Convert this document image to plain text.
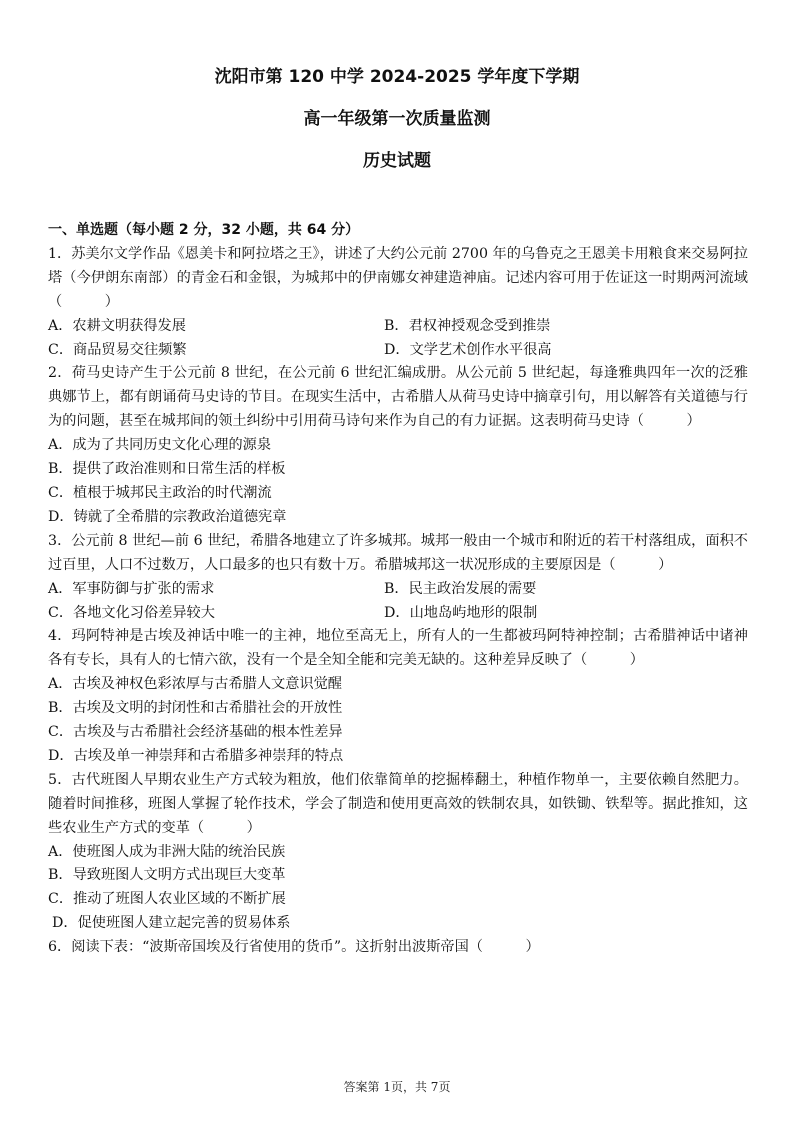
沈阳市第 120 中学 2024-2025 学年度下学期
高一年级第一次质量监测
历史试题
一、单选题（每小题 2 分，32 小题，共 64 分）
1．苏美尔文学作品《恩美卡和阿拉塔之王》，讲述了大约公元前 2700 年的乌鲁克之王恩美卡用粮食来交易阿拉塔（今伊朗东南部）的青金石和金银，为城邦中的伊南娜女神建造神庙。记述内容可用于佐证这一时期两河流域（　　　）
A．农耕文明获得发展	B．君权神授观念受到推崇
C．商品贸易交往频繁	D．文学艺术创作水平很高
2．荷马史诗产生于公元前 8 世纪，在公元前 6 世纪汇编成册。从公元前 5 世纪起，每逢雅典四年一次的泛雅典娜节上，都有朗诵荷马史诗的节目。在现实生活中，古希腊人从荷马史诗中摘章引句，用以解答有关道德与行为的问题，甚至在城邦间的领土纠纷中引用荷马诗句来作为自己的有力证据。这表明荷马史诗（　　　）
A．成为了共同历史文化心理的源泉
B．提供了政治准则和日常生活的样板
C．植根于城邦民主政治的时代潮流
D．铸就了全希腊的宗教政治道德宪章
3．公元前 8 世纪—前 6 世纪，希腊各地建立了许多城邦。城邦一般由一个城市和附近的若干村落组成，面积不过百里，人口不过数万，人口最多的也只有数十万。希腊城邦这一状况形成的主要原因是（　　　）
A．军事防御与扩张的需求	B．民主政治发展的需要
C．各地文化习俗差异较大	D．山地岛屿地形的限制
4．玛阿特神是古埃及神话中唯一的主神，地位至高无上，所有人的一生都被玛阿特神控制；古希腊神话中诸神各有专长，具有人的七情六欲，没有一个是全知全能和完美无缺的。这种差异反映了（　　　）
A．古埃及神权色彩浓厚与古希腊人文意识觉醒
B．古埃及文明的封闭性和古希腊社会的开放性
C．古埃及与古希腊社会经济基础的根本性差异
D．古埃及单一神崇拜和古希腊多神崇拜的特点
5．古代班图人早期农业生产方式较为粗放，他们依靠简单的挖掘棒翻土，种植作物单一，主要依赖自然肥力。随着时间推移，班图人掌握了轮作技术，学会了制造和使用更高效的铁制农具，如铁锄、铁犁等。据此推知，这些农业生产方式的变革（　　　）
A．使班图人成为非洲大陆的统治民族
B．导致班图人文明方式出现巨大变革
C．推动了班图人农业区域的不断扩展
D．促使班图人建立起完善的贸易体系
6．阅读下表：“波斯帝国埃及行省使用的货币”。这折射出波斯帝国（　　　）
答案第 1页，共 7页
